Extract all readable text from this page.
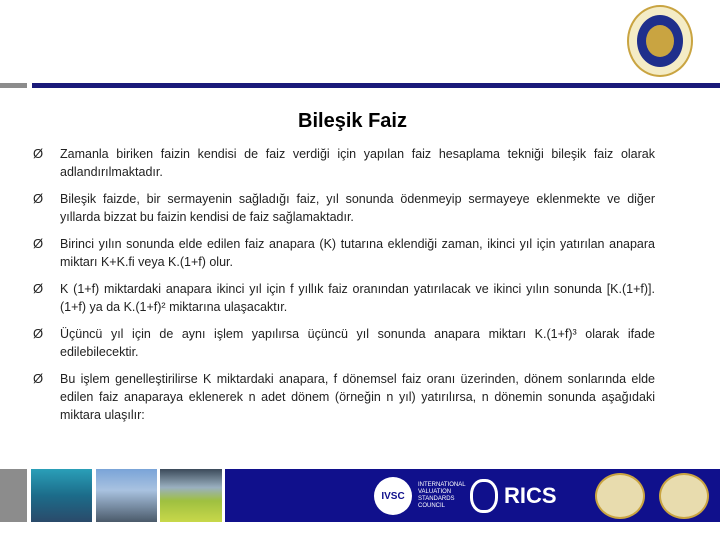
Bileşik Faiz
Ø Zamanla biriken faizin kendisi de faiz verdiği için yapılan faiz hesaplama tekniği bileşik faiz olarak adlandırılmaktadır.
Ø Bileşik faizde, bir sermayenin sağladığı faiz, yıl sonunda ödenmeyip sermayeye eklenmekte ve diğer yıllarda bizzat bu faizin kendisi de faiz sağlamaktadır.
Ø Birinci yılın sonunda elde edilen faiz anapara (K) tutarına eklendiği zaman, ikinci yıl için yatırılan anapara miktarı K+K.fi veya K.(1+f) olur.
Ø K (1+f) miktardaki anapara ikinci yıl için f yıllık faiz oranından yatırılacak ve ikinci yılın sonunda [K.(1+f)].(1+f) ya da K.(1+f)² miktarına ulaşacaktır.
Ø Üçüncü yıl için de aynı işlem yapılırsa üçüncü yıl sonunda anapara miktarı K.(1+f)³ olarak ifade edilebilecektir.
Ø Bu işlem genelleştirilirse K miktardaki anapara, f dönemsel faiz oranı üzerinden, dönem sonlarında elde edilen faiz anaparaya eklenerek n adet dönem (örneğin n yıl) yatırılırsa, n dönemin sonunda aşağıdaki miktara ulaşılır:
IVSC
INTERNATIONAL VALUATION STANDARDS COUNCIL	RICS
